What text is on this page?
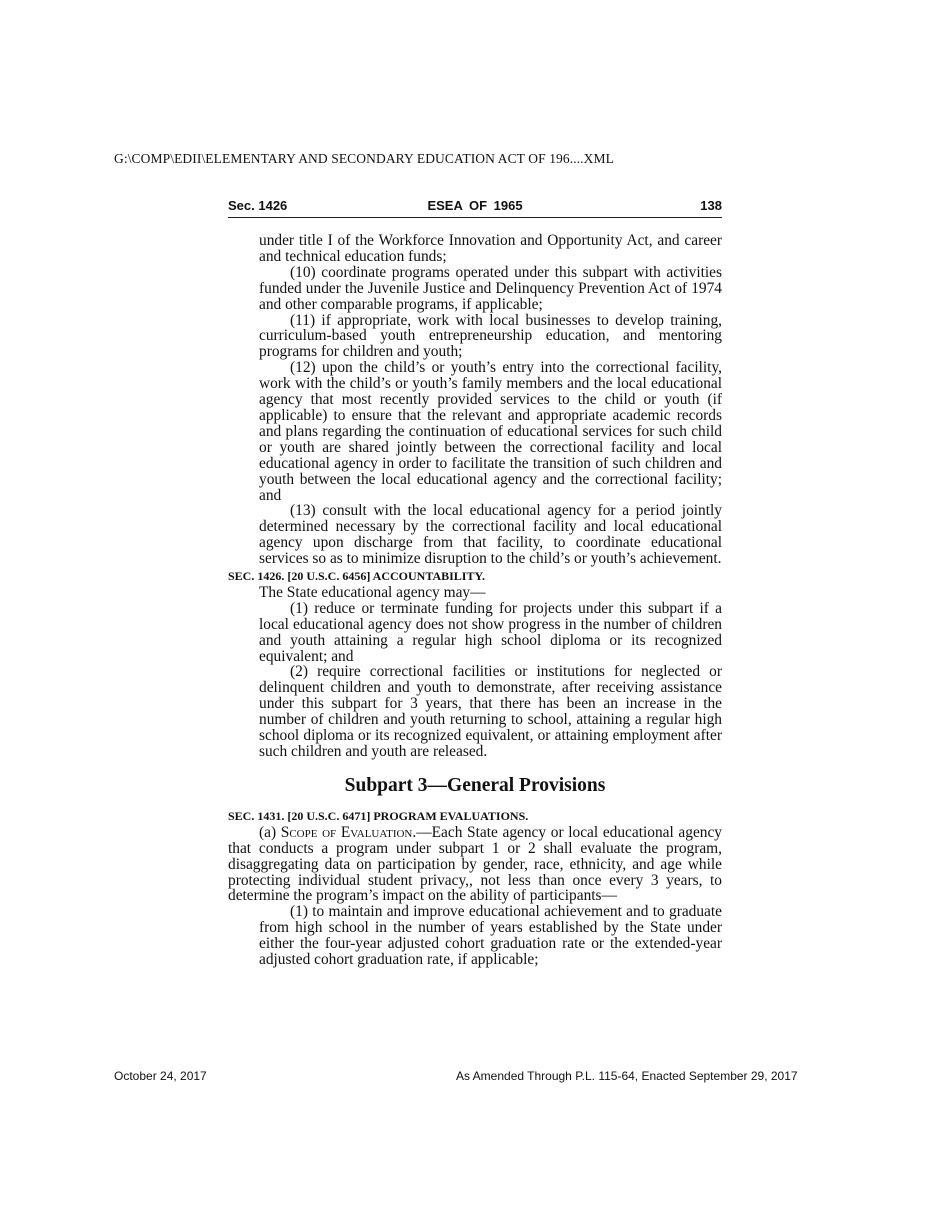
G:\COMP\EDII\ELEMENTARY AND SECONDARY EDUCATION ACT OF 196....XML
Sec. 1426	ESEA OF 1965	138

under title I of the Workforce Innovation and Opportunity Act, and career and technical education funds;

(10) coordinate programs operated under this subpart with activities funded under the Juvenile Justice and Delinquency Prevention Act of 1974 and other comparable programs, if applicable;

(11) if appropriate, work with local businesses to develop training, curriculum-based youth entrepreneurship education, and mentoring programs for children and youth;

(12) upon the child’s or youth’s entry into the correctional facility, work with the child’s or youth’s family members and the local educational agency that most recently provided services to the child or youth (if applicable) to ensure that the relevant and appropriate academic records and plans regarding the continuation of educational services for such child or youth are shared jointly between the correctional facility and local educational agency in order to facilitate the transition of such children and youth between the local educational agency and the correctional facility; and

(13) consult with the local educational agency for a period jointly determined necessary by the correctional facility and local educational agency upon discharge from that facility, to coordinate educational services so as to minimize disruption to the child’s or youth’s achievement.

SEC. 1426. [20 U.S.C. 6456] ACCOUNTABILITY.

The State educational agency may—

(1) reduce or terminate funding for projects under this subpart if a local educational agency does not show progress in the number of children and youth attaining a regular high school diploma or its recognized equivalent; and

(2) require correctional facilities or institutions for neglected or delinquent children and youth to demonstrate, after receiving assistance under this subpart for 3 years, that there has been an increase in the number of children and youth returning to school, attaining a regular high school diploma or its recognized equivalent, or attaining employment after such children and youth are released.

Subpart 3—General Provisions

SEC. 1431. [20 U.S.C. 6471] PROGRAM EVALUATIONS.

(a) Scope of Evaluation.—Each State agency or local educational agency that conducts a program under subpart 1 or 2 shall evaluate the program, disaggregating data on participation by gender, race, ethnicity, and age while protecting individual student privacy,, not less than once every 3 years, to determine the program’s impact on the ability of participants—

(1) to maintain and improve educational achievement and to graduate from high school in the number of years established by the State under either the four-year adjusted cohort graduation rate or the extended-year adjusted cohort graduation rate, if applicable;

October 24, 2017	As Amended Through P.L. 115-64, Enacted September 29, 2017
